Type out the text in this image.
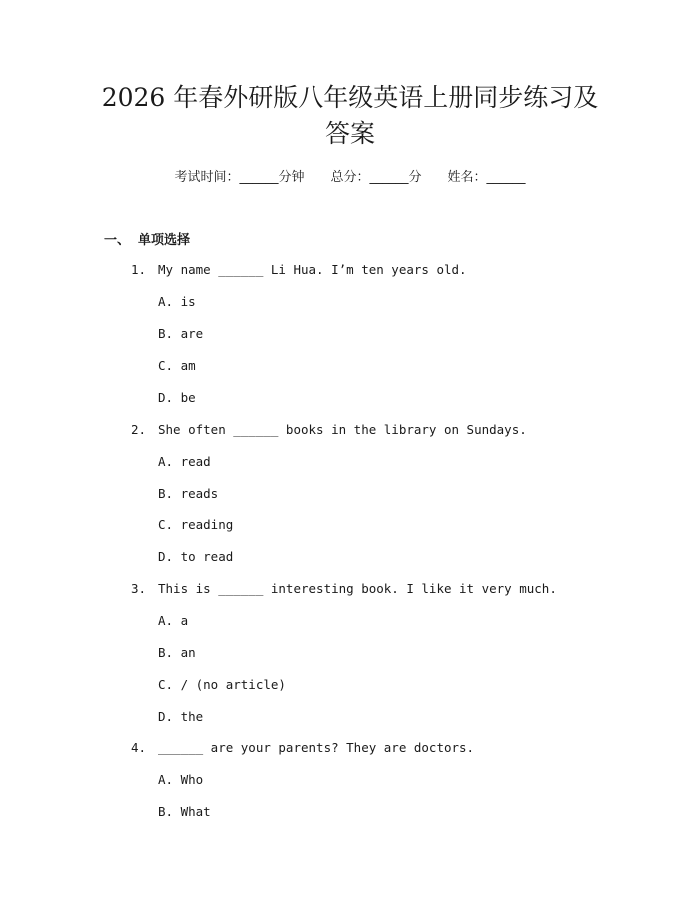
2026 年春外研版八年级英语上册同步练习及
答案
考试时间：______分钟 总分：______分 姓名：______
一、 单项选择
1. My name ______ Li Hua. I’m ten years old.
A. is
B. are
C. am
D. be
2. She often ______ books in the library on Sundays.
A. read
B. reads
C. reading
D. to read
3. This is ______ interesting book. I like it very much.
A. a
B. an
C. / (no article)
D. the
4. ______ are your parents? They are doctors.
A. Who
B. What
